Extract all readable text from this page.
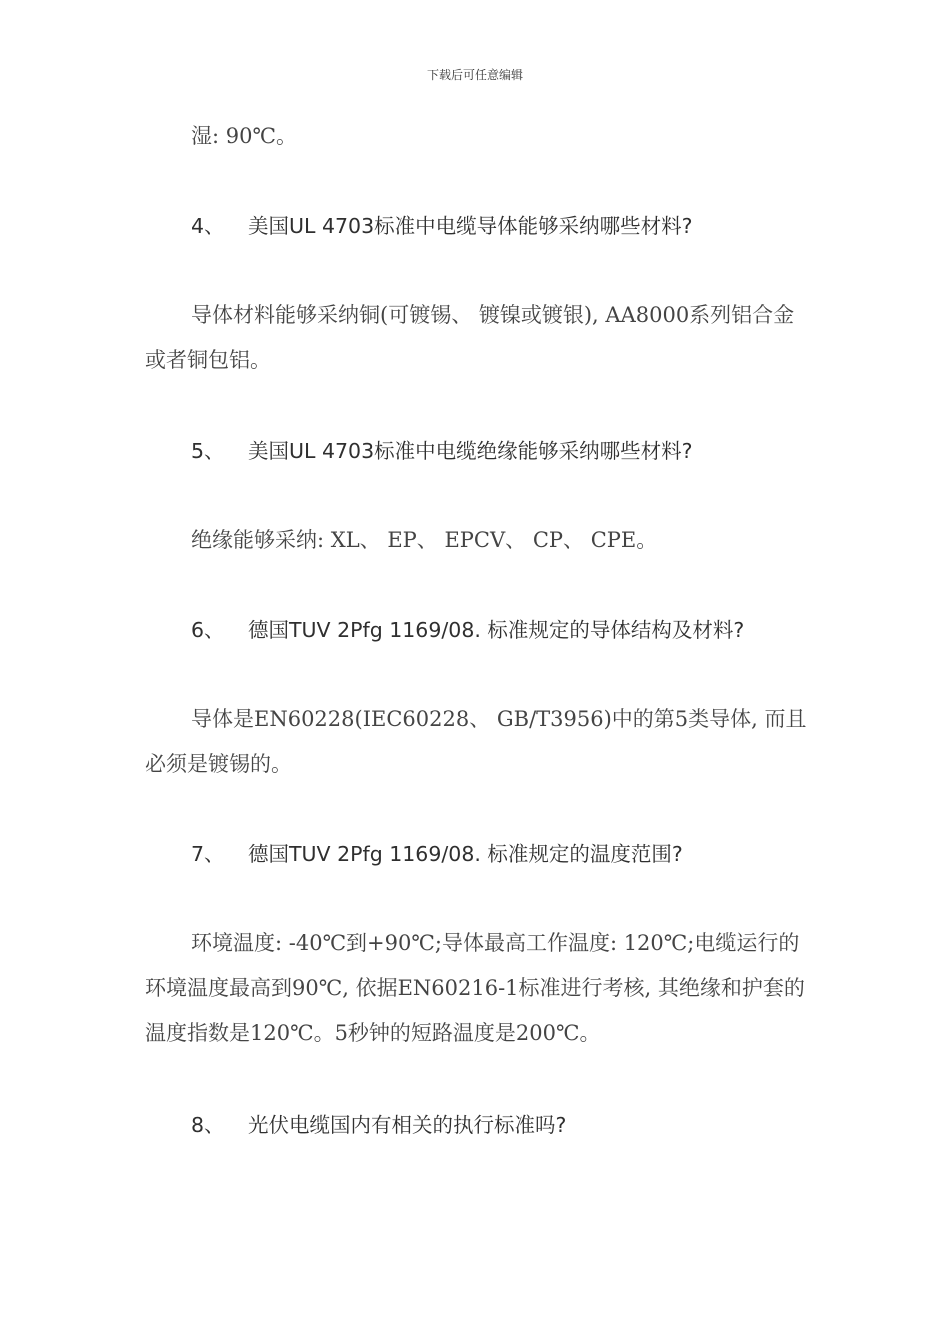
下载后可任意编辑
湿: 90℃。
4、 美国UL 4703标准中电缆导体能够采纳哪些材料?
导体材料能够采纳铜(可镀锡、 镀镍或镀银), AA8000系列铝合金或者铜包铝。
5、 美国UL 4703标准中电缆绝缘能够采纳哪些材料?
绝缘能够采纳: XL、 EP、 EPCV、 CP、 CPE。
6、 德国TUV 2Pfg 1169/08. 标准规定的导体结构及材料?
导体是EN60228(IEC60228、 GB/T3956)中的第5类导体, 而且必须是镀锡的。
7、 德国TUV 2Pfg 1169/08. 标准规定的温度范围?
环境温度: -40℃到+90℃;导体最高工作温度: 120℃;电缆运行的环境温度最高到90℃, 依据EN60216-1标准进行考核, 其绝缘和护套的温度指数是120℃。5秒钟的短路温度是200℃。
8、 光伏电缆国内有相关的执行标准吗?
